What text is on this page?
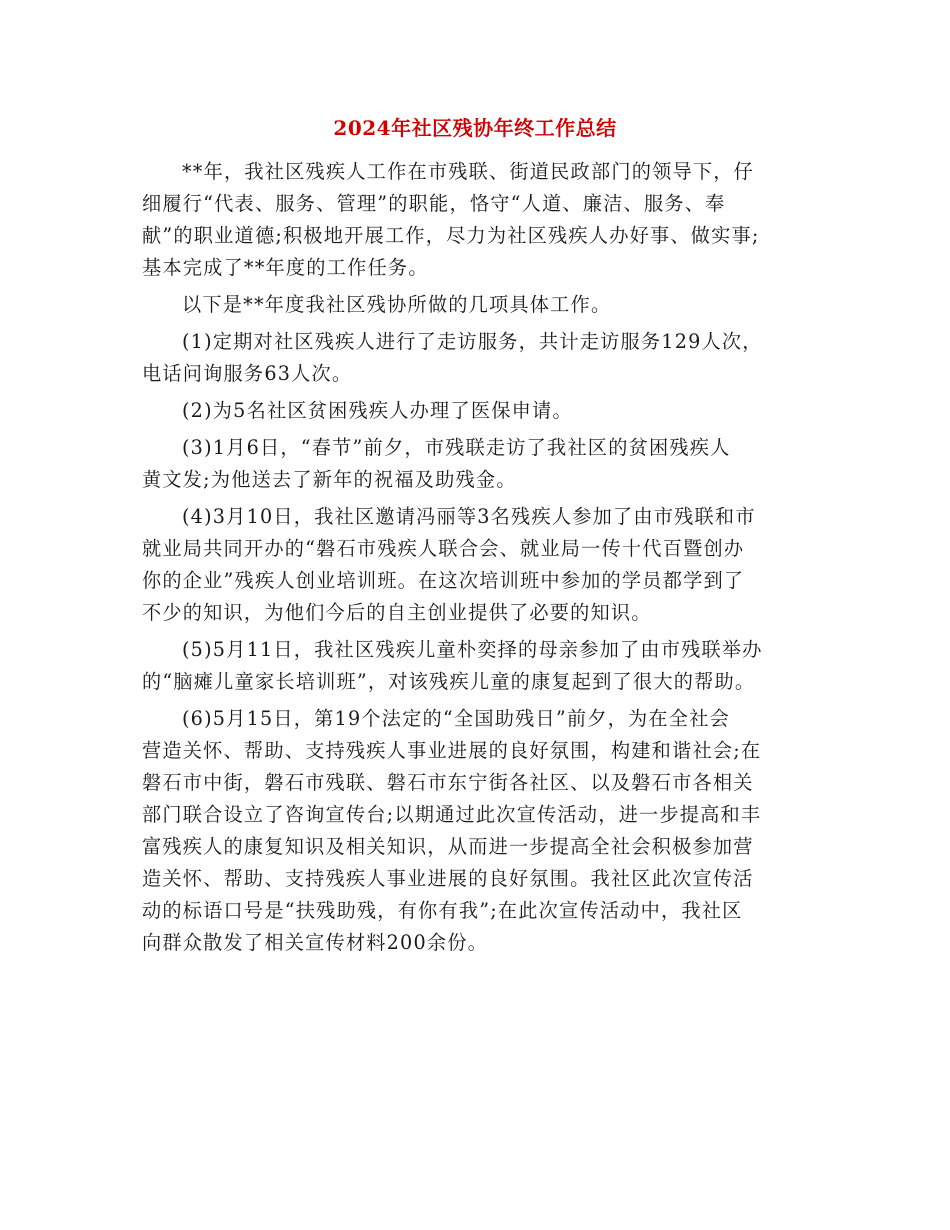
2024年社区残协年终工作总结
**年，我社区残疾人工作在市残联、街道民政部门的领导下，仔
细履行“代表、服务、管理”的职能，恪守“人道、廉洁、服务、奉
献”的职业道德;积极地开展工作，尽力为社区残疾人办好事、做实事;
基本完成了**年度的工作任务。
以下是**年度我社区残协所做的几项具体工作。
(1)定期对社区残疾人进行了走访服务，共计走访服务129人次，
电话问询服务63人次。
(2)为5名社区贫困残疾人办理了医保申请。
(3)1月6日，“春节”前夕，市残联走访了我社区的贫困残疾人
黄文发;为他送去了新年的祝福及助残金。
(4)3月10日，我社区邀请冯丽等3名残疾人参加了由市残联和市
就业局共同开办的“磐石市残疾人联合会、就业局一传十代百暨创办
你的企业”残疾人创业培训班。在这次培训班中参加的学员都学到了
不少的知识，为他们今后的自主创业提供了必要的知识。
(5)5月11日，我社区残疾儿童朴奕择的母亲参加了由市残联举办
的“脑瘫儿童家长培训班”，对该残疾儿童的康复起到了很大的帮助。
(6)5月15日，第19个法定的“全国助残日”前夕，为在全社会
营造关怀、帮助、支持残疾人事业进展的良好氛围，构建和谐社会;在
磐石市中街，磐石市残联、磐石市东宁街各社区、以及磐石市各相关
部门联合设立了咨询宣传台;以期通过此次宣传活动，进一步提高和丰
富残疾人的康复知识及相关知识，从而进一步提高全社会积极参加营
造关怀、帮助、支持残疾人事业进展的良好氛围。我社区此次宣传活
动的标语口号是“扶残助残，有你有我”;在此次宣传活动中，我社区
向群众散发了相关宣传材料200余份。
